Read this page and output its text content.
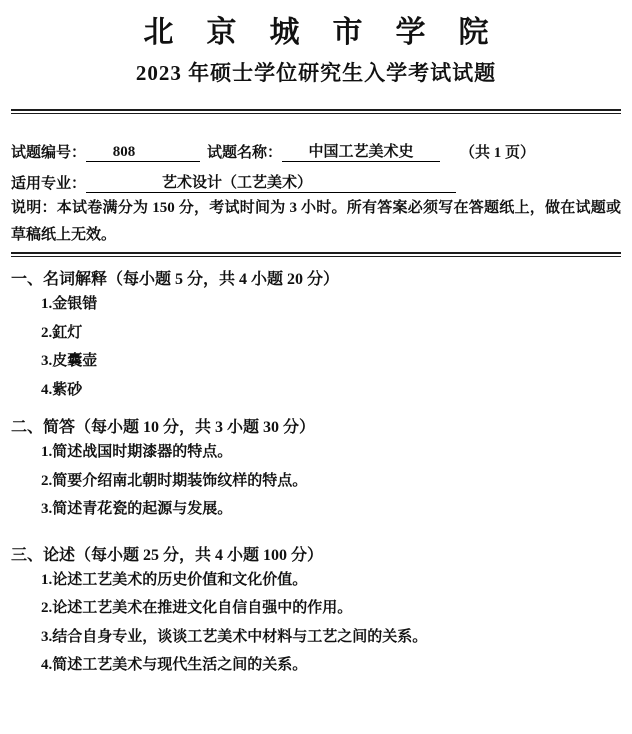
北京城市学院
2023 年硕士学位研究生入学考试试题
试题编号：	808	试题名称：	中国工艺美术史	（共 1 页）
适用专业：	艺术设计（工艺美术）

说明：本试卷满分为 150 分，考试时间为 3 小时。所有答案必须写在答题纸上，做在试题或草稿纸上无效。

一、名词解释（每小题 5 分，共 4 小题 20 分）
1.金银错
2.釭灯
3.皮囊壶
4.紫砂
二、简答（每小题 10 分，共 3 小题 30 分）
1.简述战国时期漆器的特点。
2.简要介绍南北朝时期装饰纹样的特点。
3.简述青花瓷的起源与发展。
三、论述（每小题 25 分，共 4 小题 100 分）
1.论述工艺美术的历史价值和文化价值。
2.论述工艺美术在推进文化自信自强中的作用。
3.结合自身专业，谈谈工艺美术中材料与工艺之间的关系。
4.简述工艺美术与现代生活之间的关系。
